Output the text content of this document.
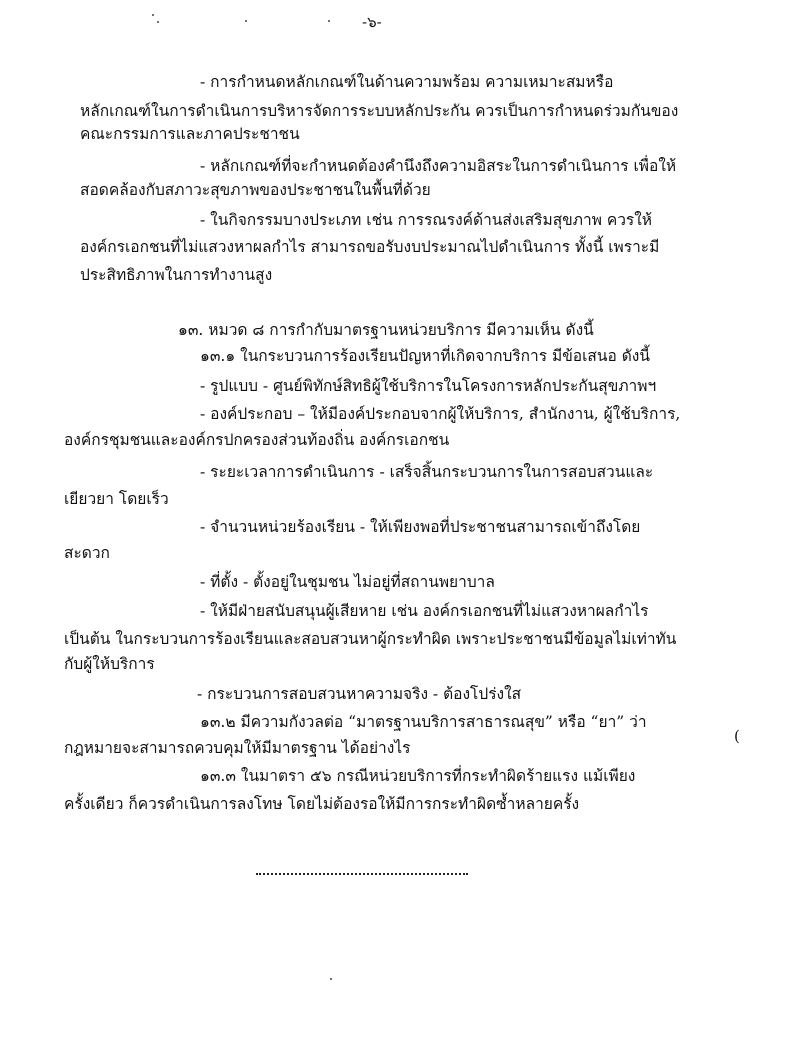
-๖-
- การกำหนดหลักเกณฑ์ในด้านความพร้อม ความเหมาะสมหรือ
หลักเกณฑ์ในการดำเนินการบริหารจัดการระบบหลักประกัน ควรเป็นการกำหนดร่วมกันของ
คณะกรรมการและภาคประชาชน
- หลักเกณฑ์ที่จะกำหนดต้องคำนึงถึงความอิสระในการดำเนินการ เพื่อให้
สอดคล้องกับสภาวะสุขภาพของประชาชนในพื้นที่ด้วย
- ในกิจกรรมบางประเภท เช่น การรณรงค์ด้านส่งเสริมสุขภาพ ควรให้
องค์กรเอกชนที่ไม่แสวงหาผลกำไร สามารถขอรับงบประมาณไปดำเนินการ ทั้งนี้ เพราะมี
ประสิทธิภาพในการทำงานสูง
๑๓. หมวด ๘ การกำกับมาตรฐานหน่วยบริการ มีความเห็น ดังนี้
๑๓.๑ ในกระบวนการร้องเรียนปัญหาที่เกิดจากบริการ มีข้อเสนอ ดังนี้
- รูปแบบ - ศูนย์พิทักษ์สิทธิผู้ใช้บริการในโครงการหลักประกันสุขภาพฯ
- องค์ประกอบ – ให้มีองค์ประกอบจากผู้ให้บริการ, สำนักงาน, ผู้ใช้บริการ,
องค์กรชุมชนและองค์กรปกครองส่วนท้องถิ่น องค์กรเอกชน
- ระยะเวลาการดำเนินการ - เสร็จสิ้นกระบวนการในการสอบสวนและ
เยียวยา โดยเร็ว
- จำนวนหน่วยร้องเรียน - ให้เพียงพอที่ประชาชนสามารถเข้าถึงโดย
สะดวก
- ที่ตั้ง - ตั้งอยู่ในชุมชน ไม่อยู่ที่สถานพยาบาล
- ให้มีฝ่ายสนับสนุนผู้เสียหาย เช่น องค์กรเอกชนที่ไม่แสวงหาผลกำไร
เป็นต้น ในกระบวนการร้องเรียนและสอบสวนหาผู้กระทำผิด เพราะประชาชนมีข้อมูลไม่เท่าทัน
กับผู้ให้บริการ
- กระบวนการสอบสวนหาความจริง - ต้องโปร่งใส
๑๓.๒ มีความกังวลต่อ “มาตรฐานบริการสาธารณสุข” หรือ “ยา” ว่า
กฎหมายจะสามารถควบคุมให้มีมาตรฐาน ได้อย่างไร
๑๓.๓ ในมาตรา ๕๖ กรณีหน่วยบริการที่กระทำผิดร้ายแรง แม้เพียง
ครั้งเดียว ก็ควรดำเนินการลงโทษ โดยไม่ต้องรอให้มีการกระทำผิดซ้ำหลายครั้ง
(
